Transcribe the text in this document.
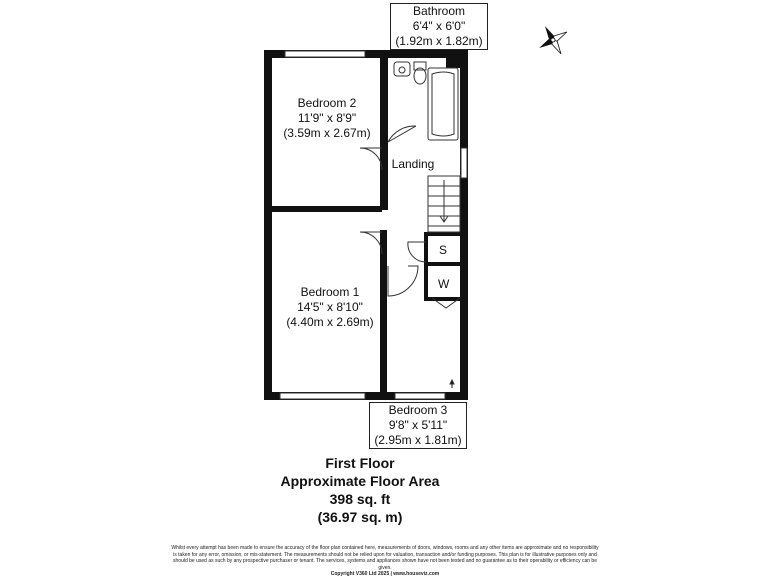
Bathroom
6'4" x 6'0"
(1.92m x 1.82m)
Bedroom 2
11'9" x 8'9"
(3.59m x 2.67m)
Landing
S
W
Bedroom 1
14'5" x 8'10"
(4.40m x 2.69m)
Bedroom 3
9'8" x 5'11"
(2.95m x 1.81m)
First Floor
Approximate Floor Area
398 sq. ft
(36.97 sq. m)
Whilst every attempt has been made to ensure the accuracy of the floor plan contained here, measurements of doors, windows, rooms and any other items are approximate and no responsibility is taken for any error, omission, or mis-statement. The measurements should not be relied upon for valuation, transaction and/or funding purposes. This plan is for illustrative purposes only and should be used as such by any prospective purchaser or tenant. The services, systems and appliances shown have not been tested and no guarantee as to their operability or efficiency can be given.
Copyright V360 Ltd 2025 | www.houseviz.com
